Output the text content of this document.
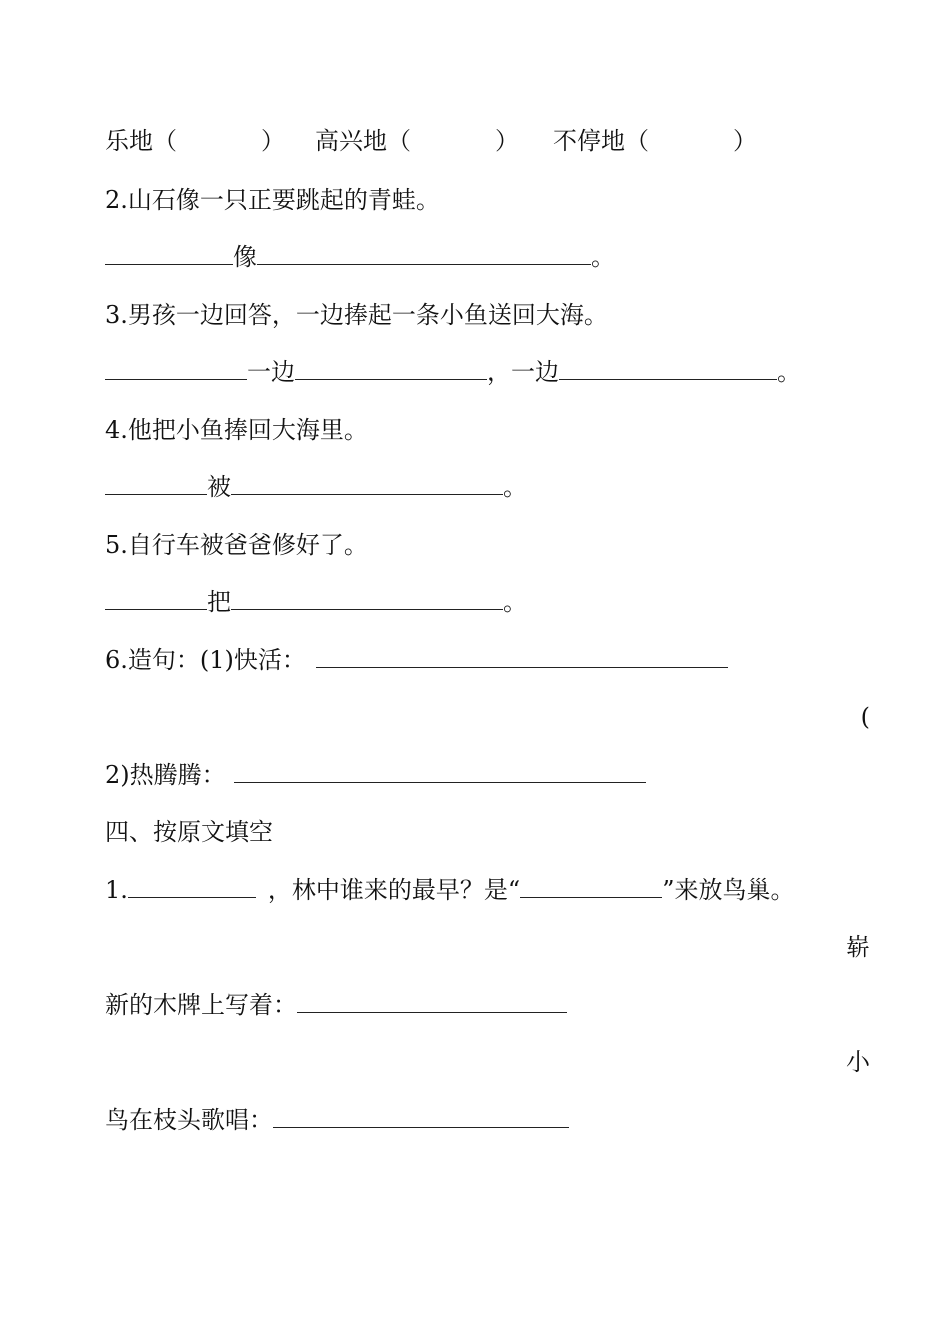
乐地（	） 高兴地（	） 不停地（	）
2.山石像一只正要跳起的青蛙。
像	。
3.男孩一边回答，一边捧起一条小鱼送回大海。
一边	，一边	。
4.他把小鱼捧回大海里。
被	。
5.自行车被爸爸修好了。
把	。
6.造句：(1)快活：
(
2)热腾腾：
四、按原文填空
1.	，林中谁来的最早？是“	”来放鸟巢。
崭
新的木牌上写着：
小
鸟在枝头歌唱：
